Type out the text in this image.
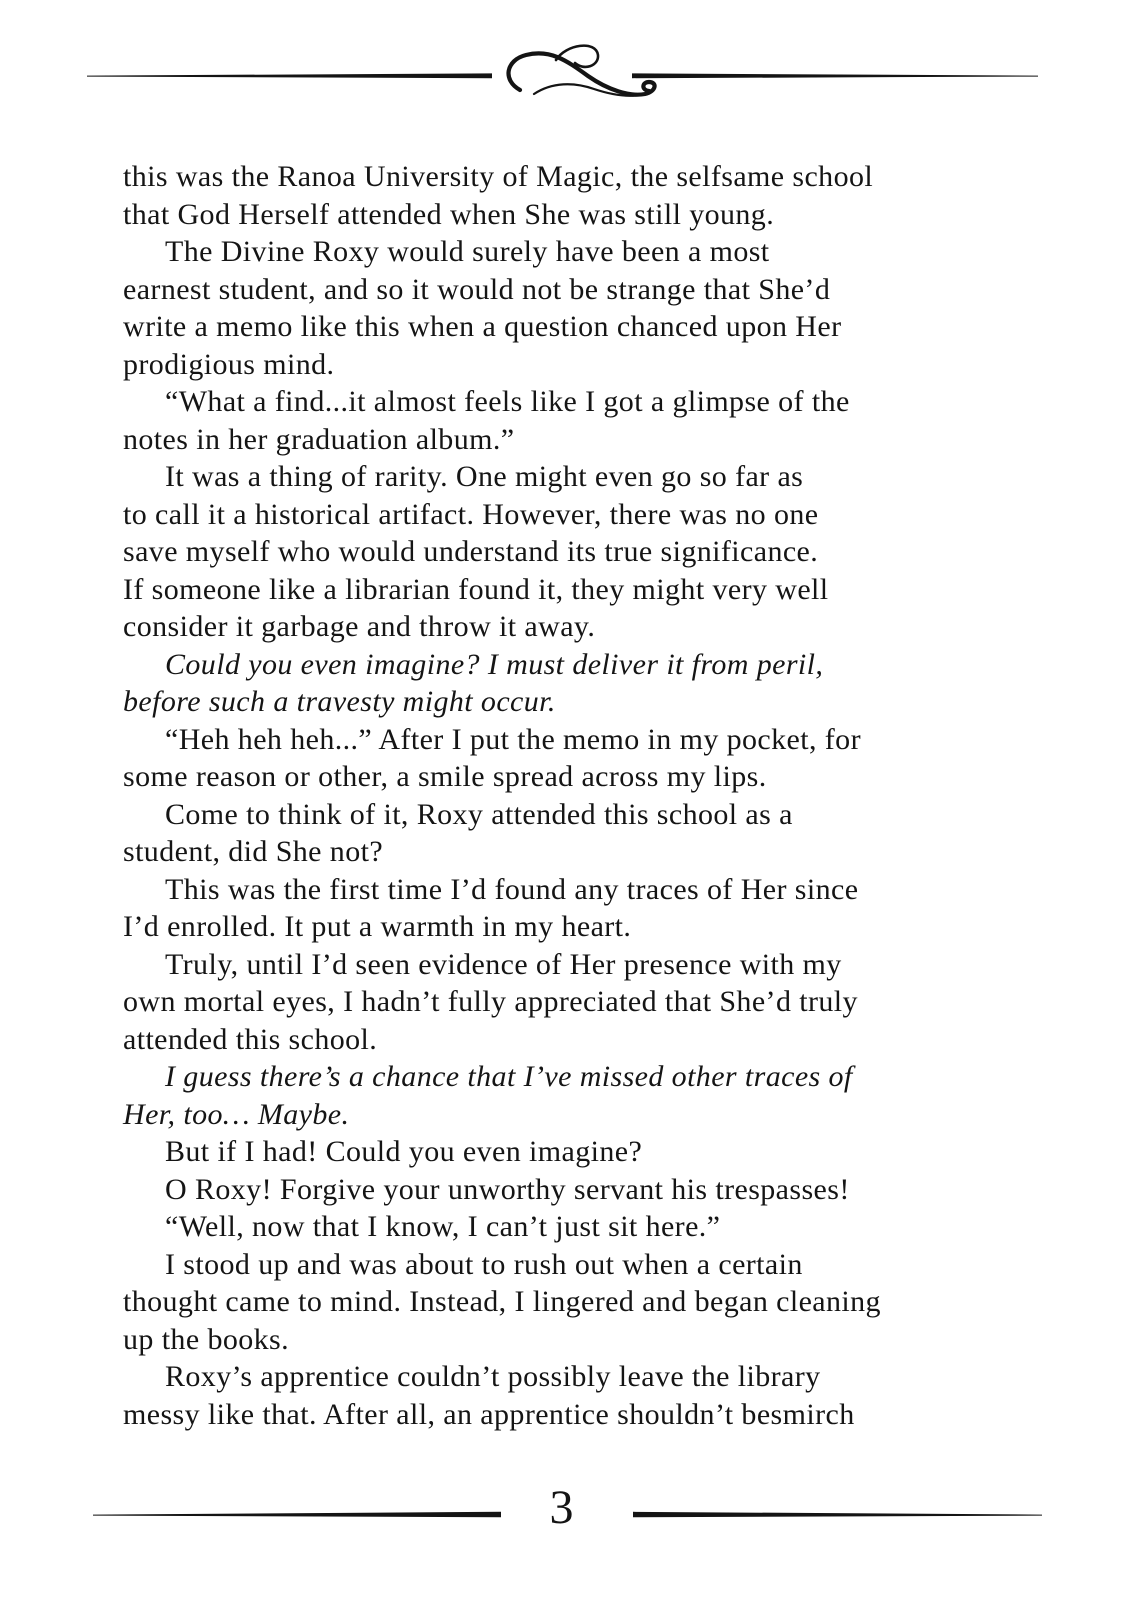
this was the Ranoa University of Magic, the selfsame school
that God Herself attended when She was still young.
The Divine Roxy would surely have been a most
earnest student, and so it would not be strange that She’d
write a memo like this when a question chanced upon Her
prodigious mind.
“What a find...it almost feels like I got a glimpse of the
notes in her graduation album.”
It was a thing of rarity. One might even go so far as
to call it a historical artifact. However, there was no one
save myself who would understand its true significance.
If someone like a librarian found it, they might very well
consider it garbage and throw it away.
Could you even imagine? I must deliver it from peril,
before such a travesty might occur.
“Heh heh heh...” After I put the memo in my pocket, for
some reason or other, a smile spread across my lips.
Come to think of it, Roxy attended this school as a
student, did She not?
This was the first time I’d found any traces of Her since
I’d enrolled. It put a warmth in my heart.
Truly, until I’d seen evidence of Her presence with my
own mortal eyes, I hadn’t fully appreciated that She’d truly
attended this school.
I guess there’s a chance that I’ve missed other traces of
Her, too… Maybe.
But if I had! Could you even imagine?
O Roxy! Forgive your unworthy servant his trespasses!
“Well, now that I know, I can’t just sit here.”
I stood up and was about to rush out when a certain
thought came to mind. Instead, I lingered and began cleaning
up the books.
Roxy’s apprentice couldn’t possibly leave the library
messy like that. After all, an apprentice shouldn’t besmirch
3
